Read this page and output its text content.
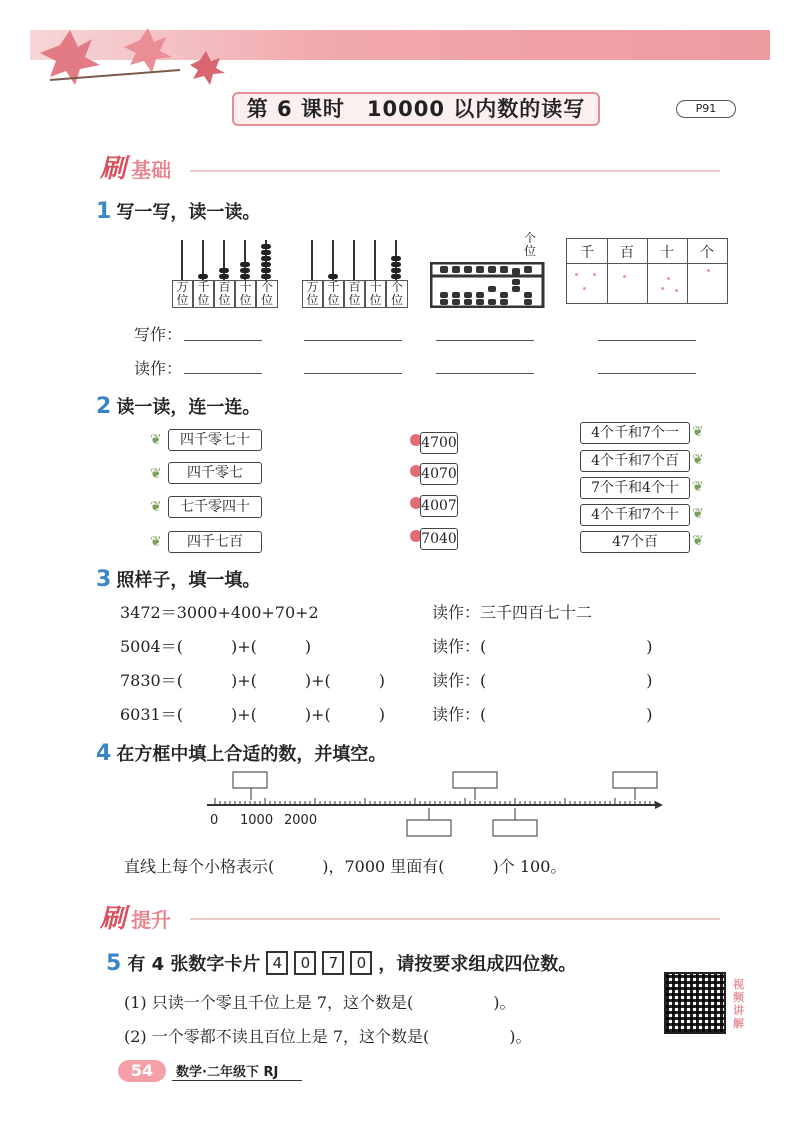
第 6 课时　10000 以内数的读写	P91
刷 基础
1 写一写，读一读。
万位
千位
百位
十位
个位
万位
千位
百位
十位
个位
个位	千	百	十	个
写作：
读作：
2 读一读，连一连。
❦	四千零七十
❦	四千零七
❦	七千零四十
❦	四千七百
4700
4070
4007
7040
4个千和7个一 ❦
4个千和7个百 ❦
7个千和4个十 ❦
4个千和7个十 ❦
47个百	❦
3 照样子，填一填。
3472＝3000+400+70+2	读作：三千四百七十二
5004＝(　　　)+(　　　)	读作：(　　　　　　　　　　)
7830＝(　　　)+(　　　)+(　　　)	读作：(　　　　　　　　　　)
6031＝(　　　)+(　　　)+(　　　)	读作：(　　　　　　　　　　)
4 在方框中填上合适的数，并填空。
0 1000 2000
直线上每个小格表示(　　　)，7000 里面有(　　　)个 100。
刷 提升
5 有 4 张数字卡片 4	0	7	0 ，请按要求组成四位数。
(1) 只读一个零且千位上是 7，这个数是(　　　　　)。
(2) 一个零都不读且百位上是 7，这个数是(　　　　　)。
视频讲解
54	数学·二年级下 RJ
